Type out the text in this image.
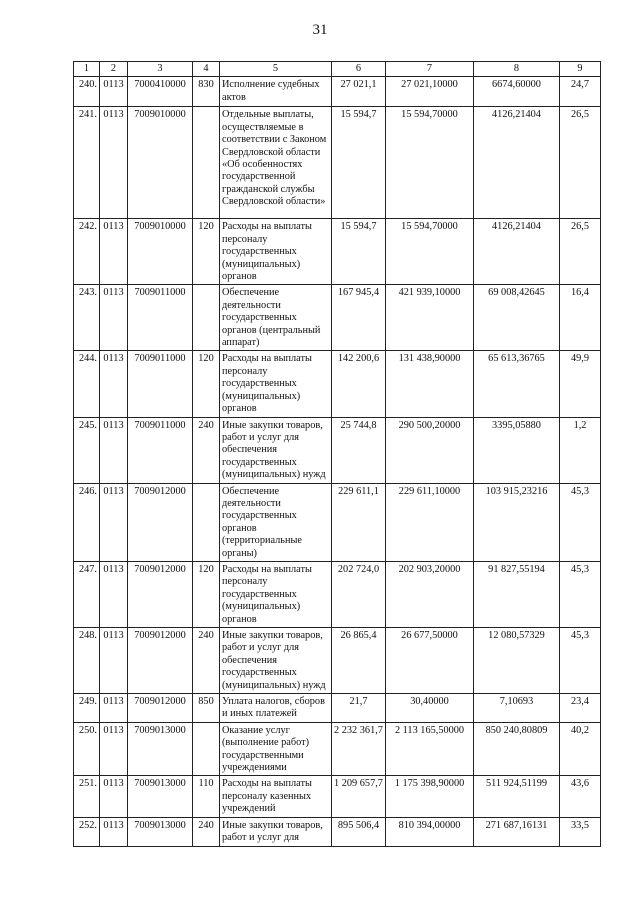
31
1	2	3	4	5	6	7	8	9
240.	0113	7000410000	830	Исполнение судебных актов	27 021,1	27 021,10000	6674,60000	24,7
241.	0113	7009010000		Отдельные выплаты, осуществляемые в соответствии с Законом Свердловской области «Об особенностях государственной гражданской службы Свердловской области»	15 594,7	15 594,70000	4126,21404	26,5
242.	0113	7009010000	120	Расходы на выплаты персоналу государственных (муниципальных) органов	15 594,7	15 594,70000	4126,21404	26,5
243.	0113	7009011000		Обеспечение деятельности государственных органов (центральный аппарат)	167 945,4	421 939,10000	69 008,42645	16,4
244.	0113	7009011000	120	Расходы на выплаты персоналу государственных (муниципальных) органов	142 200,6	131 438,90000	65 613,36765	49,9
245.	0113	7009011000	240	Иные закупки товаров, работ и услуг для обеспечения государственных (муниципальных) нужд	25 744,8	290 500,20000	3395,05880	1,2
246.	0113	7009012000		Обеспечение деятельности государственных органов (территориальные органы)	229 611,1	229 611,10000	103 915,23216	45,3
247.	0113	7009012000	120	Расходы на выплаты персоналу государственных (муниципальных) органов	202 724,0	202 903,20000	91 827,55194	45,3
248.	0113	7009012000	240	Иные закупки товаров, работ и услуг для обеспечения государственных (муниципальных) нужд	26 865,4	26 677,50000	12 080,57329	45,3
249.	0113	7009012000	850	Уплата налогов, сборов и иных платежей	21,7	30,40000	7,10693	23,4
250.	0113	7009013000		Оказание услуг (выполнение работ) государственными учреждениями	2 232 361,7	2 113 165,50000	850 240,80809	40,2
251.	0113	7009013000	110	Расходы на выплаты персоналу казенных учреждений	1 209 657,7	1 175 398,90000	511 924,51199	43,6
252.	0113	7009013000	240	Иные закупки товаров, работ и услуг для	895 506,4	810 394,00000	271 687,16131	33,5
